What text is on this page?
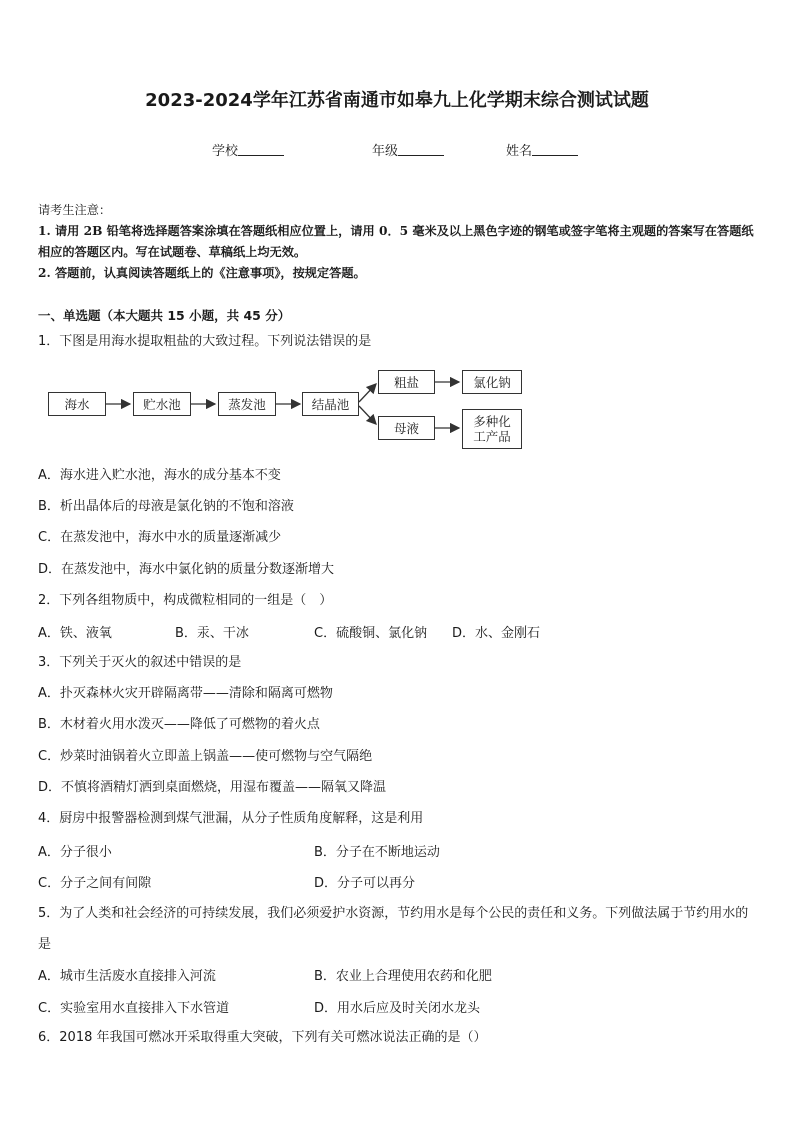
2023-2024学年江苏省南通市如皋九上化学期末综合测试试题
学校	年级	姓名
请考生注意：
1. 请用 2B 铅笔将选择题答案涂填在答题纸相应位置上，请用 0．5 毫米及以上黑色字迹的钢笔或签字笔将主观题的答案写在答题纸相应的答题区内。写在试题卷、草稿纸上均无效。
2. 答题前，认真阅读答题纸上的《注意事项》，按规定答题。
一、单选题（本大题共 15 小题，共 45 分）
1．下图是用海水提取粗盐的大致过程。下列说法错误的是
海水	贮水池	蒸发池	结晶池
粗盐	氯化钠
母液	多种化
工产品
A．海水进入贮水池，海水的成分基本不变
B．析出晶体后的母液是氯化钠的不饱和溶液
C．在蒸发池中，海水中水的质量逐渐减少
D．在蒸发池中，海水中氯化钠的质量分数逐渐增大
2．下列各组物质中，构成微粒相同的一组是（　）
A．铁、液氧	B．汞、干冰	C．硫酸铜、氯化钠 D．水、金刚石
3．下列关于灭火的叙述中错误的是
A．扑灭森林火灾开辟隔离带——清除和隔离可燃物
B．木材着火用水泼灭——降低了可燃物的着火点
C．炒菜时油锅着火立即盖上锅盖——使可燃物与空气隔绝
D．不慎将酒精灯洒到桌面燃烧，用湿布覆盖——隔氧又降温
4．厨房中报警器检测到煤气泄漏，从分子性质角度解释，这是利用
A．分子很小	B．分子在不断地运动
C．分子之间有间隙	D．分子可以再分
5．为了人类和社会经济的可持续发展，我们必须爱护水资源，节约用水是每个公民的责任和义务。下列做法属于节约用水的是
A．城市生活废水直接排入河流	B．农业上合理使用农药和化肥
C．实验室用水直接排入下水管道	D．用水后应及时关闭水龙头
6．2018 年我国可燃冰开采取得重大突破，下列有关可燃冰说法正确的是（）
